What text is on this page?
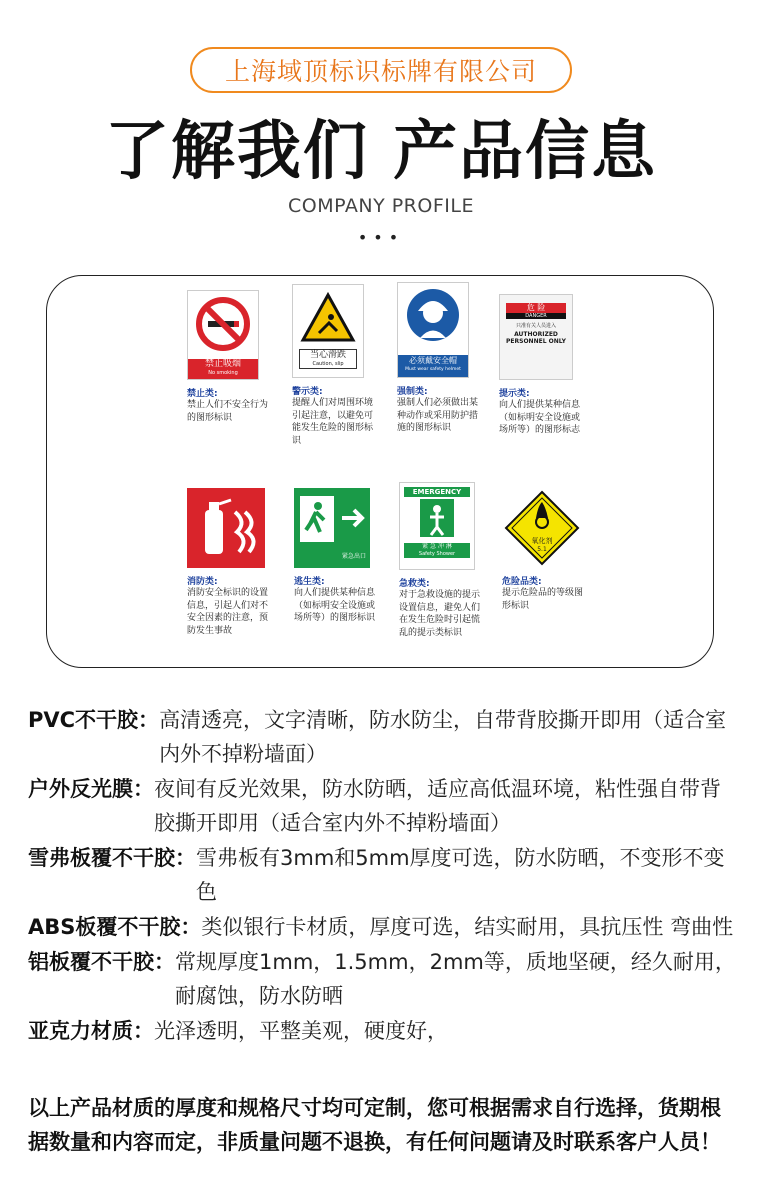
上海域顶标识标牌有限公司
了解我们 产品信息
COMPANY PROFILE
•••
禁止吸烟
No smoking
禁止类:
禁止人们不安全行为的图形标识
当心滑跌
Caution, slip
警示类:
提醒人们对周围环境引起注意，以避免可能发生危险的图形标识
必须戴安全帽
Must wear safety helmet
强制类:
强制人们必须做出某种动作或采用防护措施的图形标识
危 险
DANGER
只准有关人员进入
AUTHORIZED PERSONNEL ONLY
提示类:
向人们提供某种信息（如标明安全设施或场所等）的图形标志
消防类:
消防安全标识的设置信息，引起人们对不安全因素的注意，预防发生事故
紧急出口
逃生类:
向人们提供某种信息（如标明安全设施或场所等）的图形标识
EMERGENCY
紧 急 冲 淋
Safety Shower
急救类:
对于急救设施的提示设置信息，避免人们在发生危险时引起慌乱的提示类标识
氧化剂
5.1
危险品类:
提示危险品的等级图形标识
PVC不干胶： 高清透亮，文字清晰，防水防尘，自带背胶撕开即用（适合室内外不掉粉墙面）
户外反光膜： 夜间有反光效果，防水防晒，适应高低温环境，粘性强自带背胶撕开即用（适合室内外不掉粉墙面）
雪弗板覆不干胶： 雪弗板有3mm和5mm厚度可选，防水防晒，不变形不变色
ABS板覆不干胶： 类似银行卡材质，厚度可选，结实耐用，具抗压性 弯曲性
铝板覆不干胶： 常规厚度1mm，1.5mm，2mm等，质地坚硬，经久耐用，耐腐蚀，防水防晒
亚克力材质： 光泽透明，平整美观，硬度好，
以上产品材质的厚度和规格尺寸均可定制，您可根据需求自行选择，货期根据数量和内容而定，非质量问题不退换，有任何问题请及时联系客户人员！
